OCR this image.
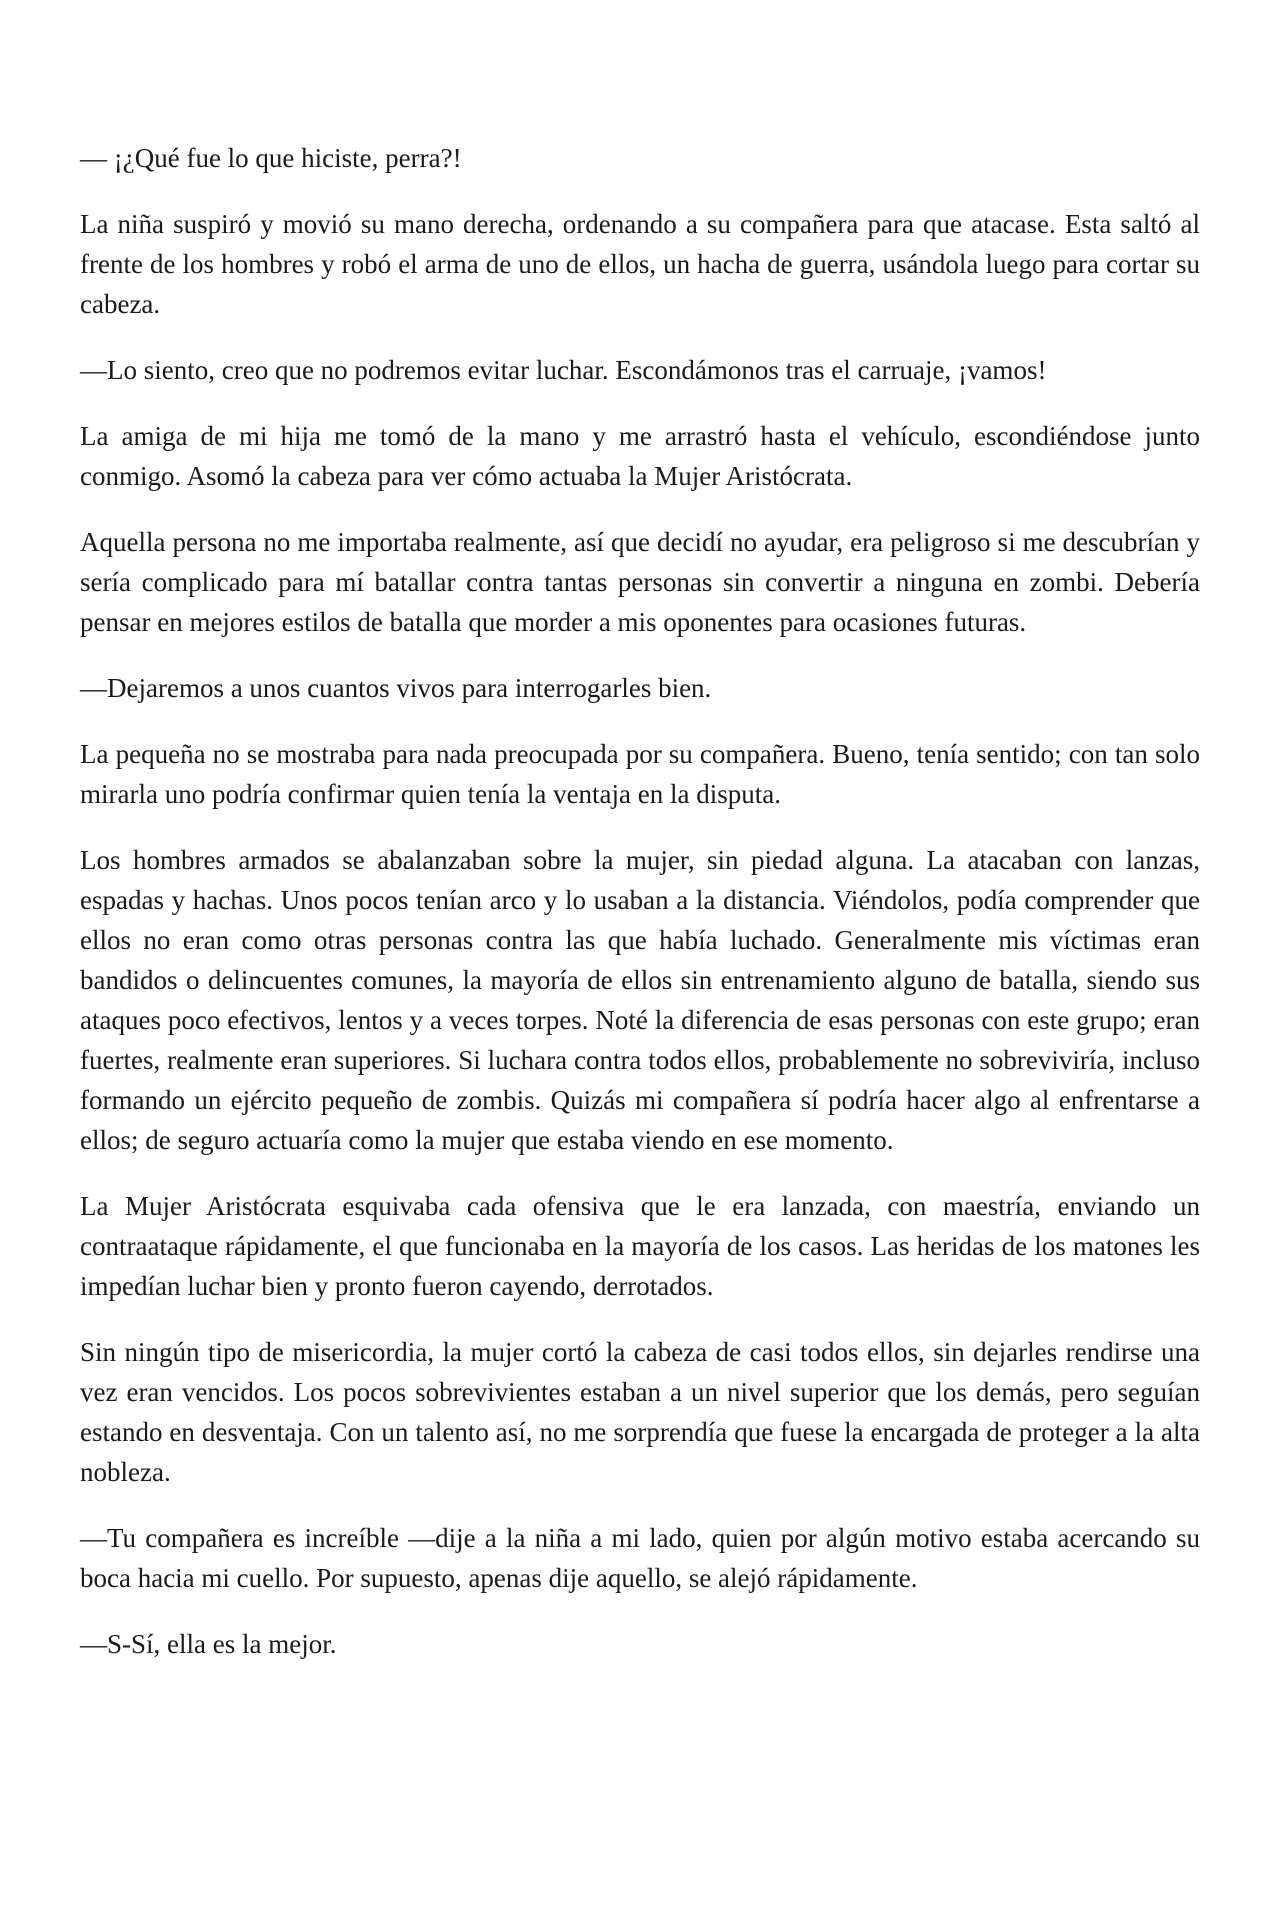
— ¡¿Qué fue lo que hiciste, perra?!

La niña suspiró y movió su mano derecha, ordenando a su compañera para que atacase. Esta saltó al frente de los hombres y robó el arma de uno de ellos, un hacha de guerra, usándola luego para cortar su cabeza.

—Lo siento, creo que no podremos evitar luchar. Escondámonos tras el carruaje, ¡vamos!

La amiga de mi hija me tomó de la mano y me arrastró hasta el vehículo, escondiéndose junto conmigo. Asomó la cabeza para ver cómo actuaba la Mujer Aristócrata.

Aquella persona no me importaba realmente, así que decidí no ayudar, era peligroso si me descubrían y sería complicado para mí batallar contra tantas personas sin convertir a ninguna en zombi. Debería pensar en mejores estilos de batalla que morder a mis oponentes para ocasiones futuras.

—Dejaremos a unos cuantos vivos para interrogarles bien.

La pequeña no se mostraba para nada preocupada por su compañera. Bueno, tenía sentido; con tan solo mirarla uno podría confirmar quien tenía la ventaja en la disputa.

Los hombres armados se abalanzaban sobre la mujer, sin piedad alguna. La atacaban con lanzas, espadas y hachas. Unos pocos tenían arco y lo usaban a la distancia. Viéndolos, podía comprender que ellos no eran como otras personas contra las que había luchado. Generalmente mis víctimas eran bandidos o delincuentes comunes, la mayoría de ellos sin entrenamiento alguno de batalla, siendo sus ataques poco efectivos, lentos y a veces torpes. Noté la diferencia de esas personas con este grupo; eran fuertes, realmente eran superiores. Si luchara contra todos ellos, probablemente no sobreviviría, incluso formando un ejército pequeño de zombis. Quizás mi compañera sí podría hacer algo al enfrentarse a ellos; de seguro actuaría como la mujer que estaba viendo en ese momento.

La Mujer Aristócrata esquivaba cada ofensiva que le era lanzada, con maestría, enviando un contraataque rápidamente, el que funcionaba en la mayoría de los casos. Las heridas de los matones les impedían luchar bien y pronto fueron cayendo, derrotados.

Sin ningún tipo de misericordia, la mujer cortó la cabeza de casi todos ellos, sin dejarles rendirse una vez eran vencidos. Los pocos sobrevivientes estaban a un nivel superior que los demás, pero seguían estando en desventaja. Con un talento así, no me sorprendía que fuese la encargada de proteger a la alta nobleza.

—Tu compañera es increíble —dije a la niña a mi lado, quien por algún motivo estaba acercando su boca hacia mi cuello. Por supuesto, apenas dije aquello, se alejó rápidamente.

—S-Sí, ella es la mejor.
